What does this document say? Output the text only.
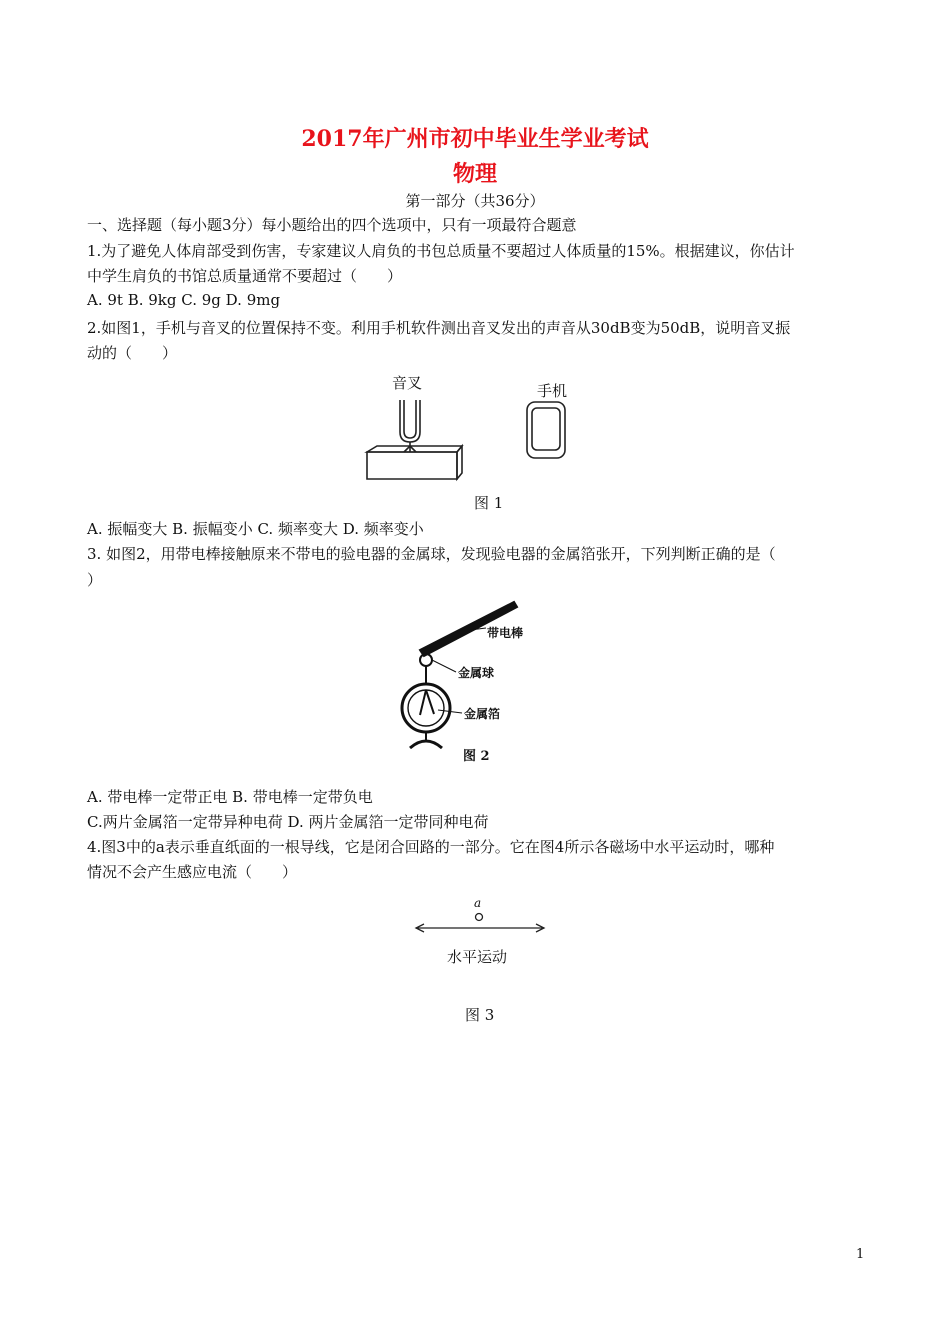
2017年广州市初中毕业生学业考试
物理
第一部分（共36分）
一、选择题（每小题3分）每小题给出的四个选项中，只有一项最符合题意
1.为了避免人体肩部受到伤害，专家建议人肩负的书包总质量不要超过人体质量的15%。根据建议，你估计
中学生肩负的书馆总质量通常不要超过（　　）
A. 9t B. 9kg C. 9g D. 9mg
2.如图1，手机与音叉的位置保持不变。利用手机软件测出音叉发出的声音从30dB变为50dB，说明音叉振
动的（　　）
音叉	手机
图 1
A. 振幅变大 B. 振幅变小 C. 频率变大 D. 频率变小
3. 如图2，用带电棒接触原来不带电的验电器的金属球，发现验电器的金属箔张开，下列判断正确的是（
）
带电棒
金属球
金属箔
图 2
A. 带电棒一定带正电 B. 带电棒一定带负电
C.两片金属箔一定带异种电荷 D. 两片金属箔一定带同种电荷
4.图3中的a表示垂直纸面的一根导线，它是闭合回路的一部分。它在图4所示各磁场中水平运动时，哪种
情况不会产生感应电流（　　）
a
水平运动
图 3
1
